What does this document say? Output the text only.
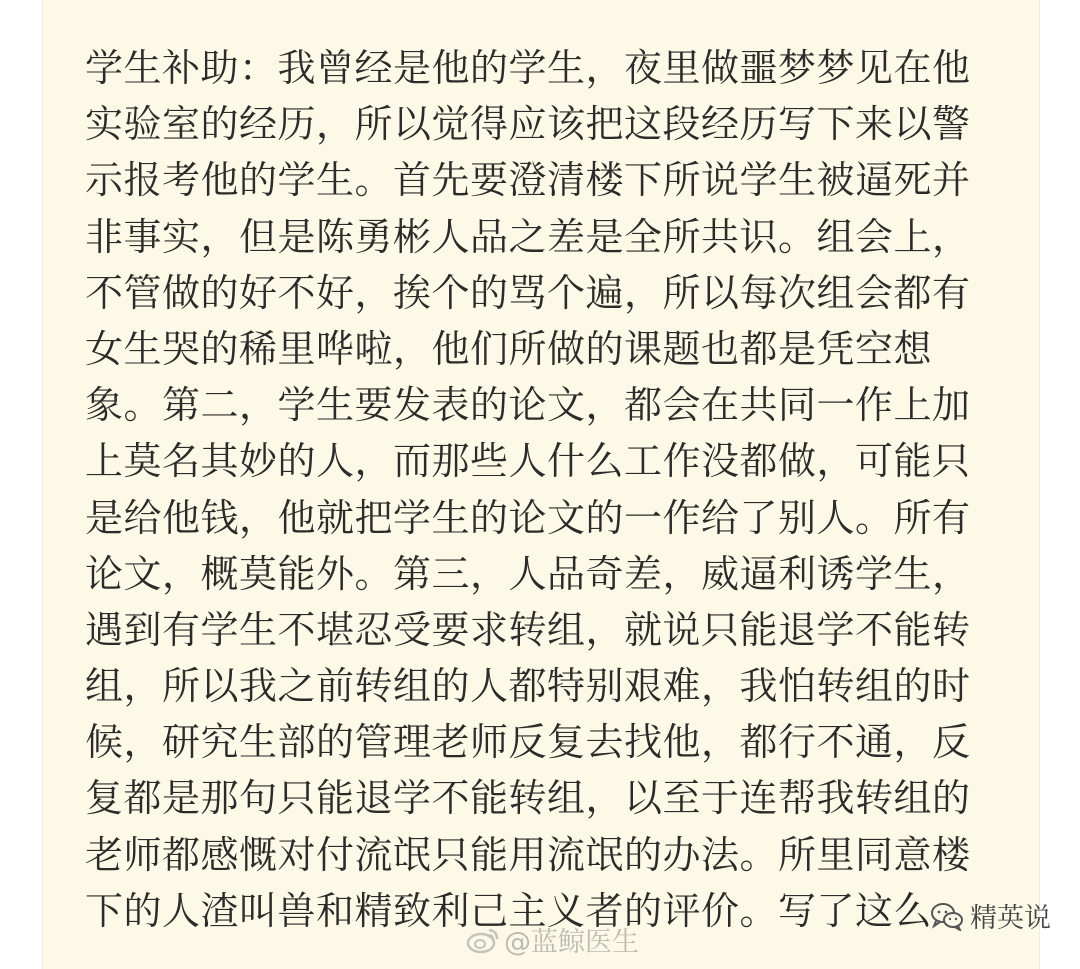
学生补助：我曾经是他的学生，夜里做噩梦梦见在他
实验室的经历，所以觉得应该把这段经历写下来以警
示报考他的学生。首先要澄清楼下所说学生被逼死并
非事实，但是陈勇彬人品之差是全所共识。组会上，
不管做的好不好，挨个的骂个遍，所以每次组会都有
女生哭的稀里哗啦，他们所做的课题也都是凭空想
象。第二，学生要发表的论文，都会在共同一作上加
上莫名其妙的人，而那些人什么工作没都做，可能只
是给他钱，他就把学生的论文的一作给了别人。所有
论文，概莫能外。第三，人品奇差，威逼利诱学生，
遇到有学生不堪忍受要求转组，就说只能退学不能转
组，所以我之前转组的人都特别艰难，我怕转组的时
候，研究生部的管理老师反复去找他，都行不通，反
复都是那句只能退学不能转组，以至于连帮我转组的
老师都感慨对付流氓只能用流氓的办法。所里同意楼
下的人渣叫兽和精致利己主义者的评价。写了这么
@蓝鲸医生
精英说
